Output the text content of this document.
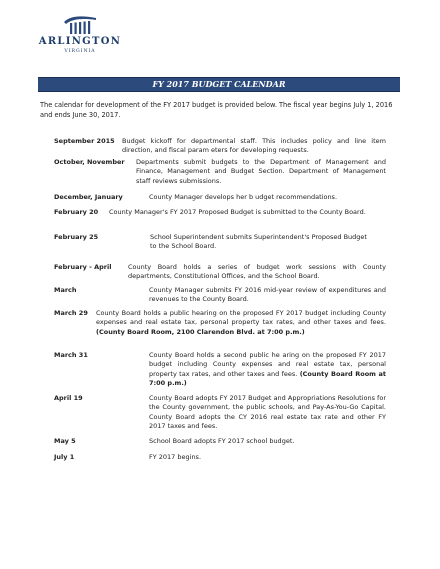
ARLINGTON
VIRGINIA
FY 2017 BUDGET CALENDAR
The calendar for development of the FY 2017 budget is provided below. The fiscal year begins July 1, 2016 and ends June 30, 2017.
September 2015 Budget kickoff for departmental staff. This includes policy and line item direction, and fiscal param eters for developing requests.
October, November Departments submit budgets to the Department of Management and Finance, Management and Budget Section. Department of Management staff reviews submissions.
December, January	County Manager develops her b udget recommendations.
February 20 County Manager's FY 2017 Proposed Budget is submitted to the County Board.
February 25	School Superintendent submits Superintendent's Proposed Budget to the School Board.
February - April	County Board holds a series of budget work sessions with County departments, Constitutional Offices, and the School Board.
March	County Manager submits FY 2016 mid-year review of expenditures and revenues to the County Board.
March 29 County Board holds a public hearing on the proposed FY 2017 budget including County expenses and real estate tax, personal property tax rates, and other taxes and fees. (County Board Room, 2100 Clarendon Blvd. at 7:00 p.m.)
March 31	County Board holds a second public he aring on the proposed FY 2017 budget including County expenses and real estate tax, personal property tax rates, and other taxes and fees. (County Board Room at 7:00 p.m.)
April 19	County Board adopts FY 2017 Budget and Appropriations Resolutions for the County government, the public schools, and Pay-As-You-Go Capital. County Board adopts the CY 2016 real estate tax rate and other FY 2017 taxes and fees.
May 5	School Board adopts FY 2017 school budget.
July 1	FY 2017 begins.
